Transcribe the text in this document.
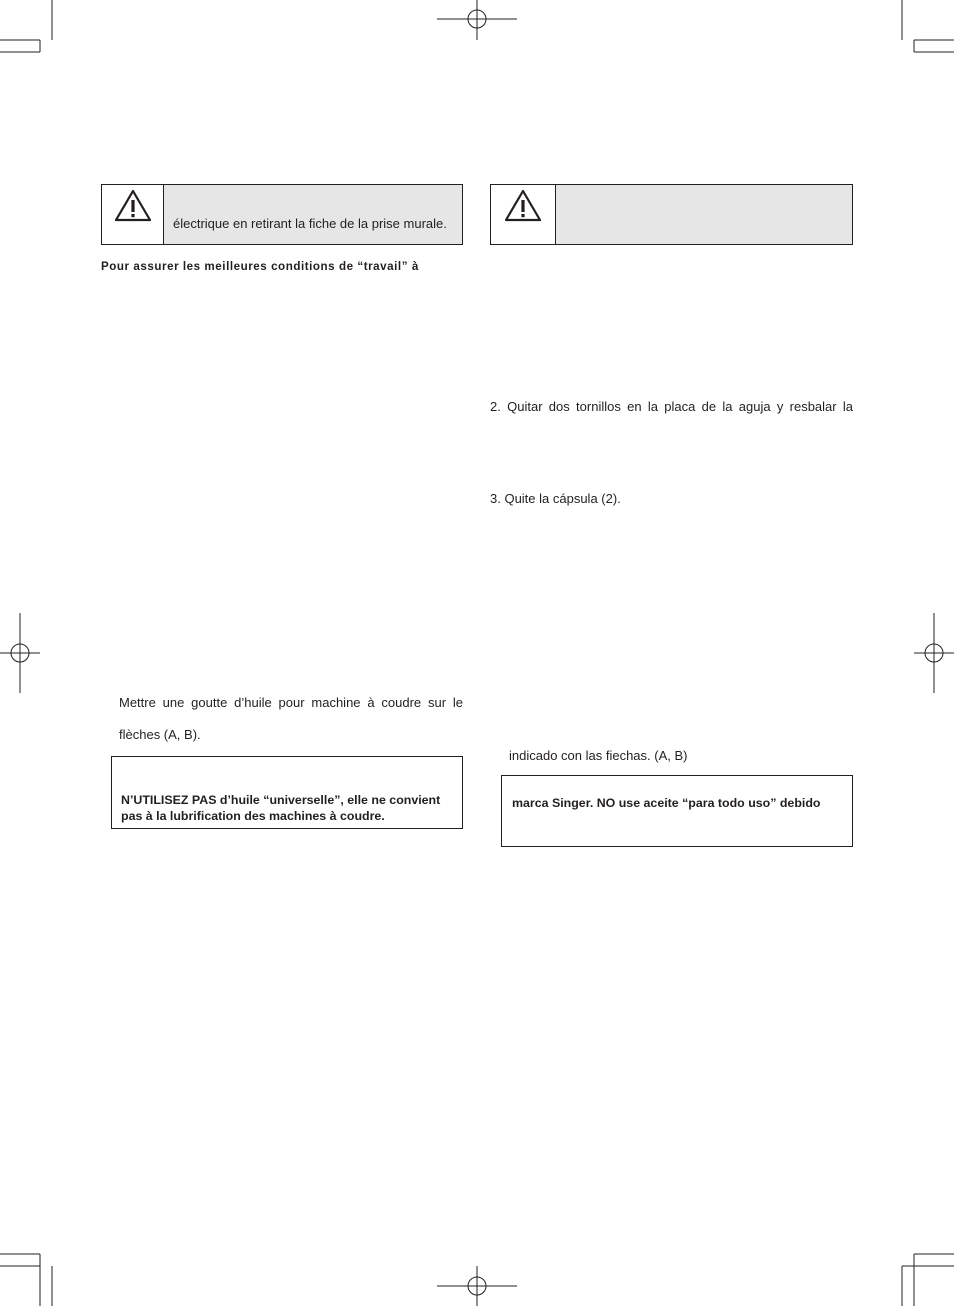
électrique en retirant la fiche de la prise murale.
Pour assurer les meilleures conditions de “travail” à
Mettre une goutte d’huile pour machine à coudre sur le
flèches (A, B).
N’UTILISEZ PAS d’huile “universelle”, elle ne convient
pas à la lubrification des machines à coudre.
2. Quitar dos tornillos en la placa de la aguja y resbalar la
3. Quite la cápsula (2).
indicado con las fiechas. (A, B)
marca Singer. NO use aceite “para todo uso” debido
